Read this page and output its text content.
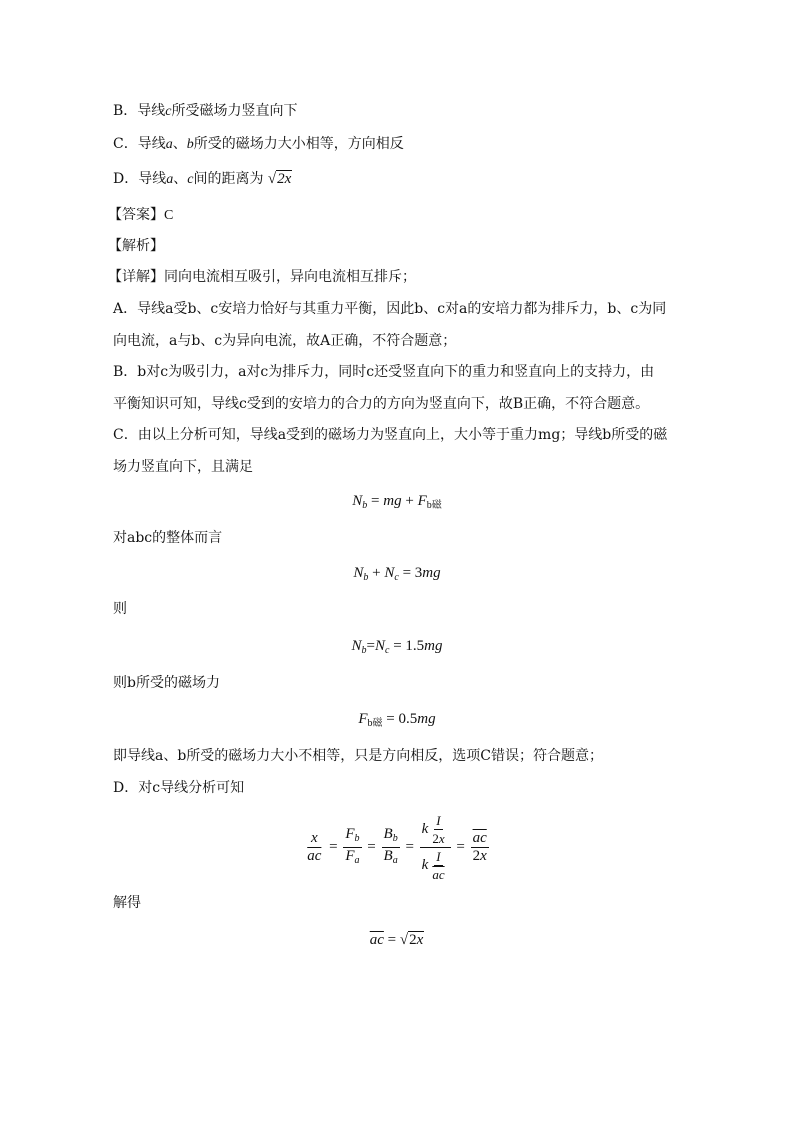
B．导线c所受磁场力竖直向下
C．导线a、b所受的磁场力大小相等，方向相反
D．导线a、c间的距离为 √2x
【答案】C
【解析】
【详解】同向电流相互吸引，异向电流相互排斥；
A．导线a受b、c安培力恰好与其重力平衡，因此b、c对a的安培力都为排斥力，b、c为同
向电流，a与b、c为异向电流，故A正确，不符合题意；
B．b对c为吸引力，a对c为排斥力，同时c还受竖直向下的重力和竖直向上的支持力，由
平衡知识可知，导线c受到的安培力的合力的方向为竖直向下，故B正确，不符合题意。
C．由以上分析可知，导线a受到的磁场力为竖直向上，大小等于重力mg；导线b所受的磁
场力竖直向下，且满足
$N_b$ = mg + $F_{b磁}$
对abc的整体而言
$N_b + N_c = 3mg$
则
$N_b=N_c = 1.5mg$
则b所受的磁场力
$F_{b磁} = 0.5mg$
即导线a、b所受的磁场力大小不相等，只是方向相反，选项C错误；符合题意；
D．对c导线分析可知
$\frac{x}{ac} = \frac{F_b}{F_a} = \frac{B_b}{B_a} = \frac{k \frac{I}{2x}}{k \frac{I}{ac}} = \frac{\overline{ac}}{2x}$
解得
$\overline{ac} = √2x$
